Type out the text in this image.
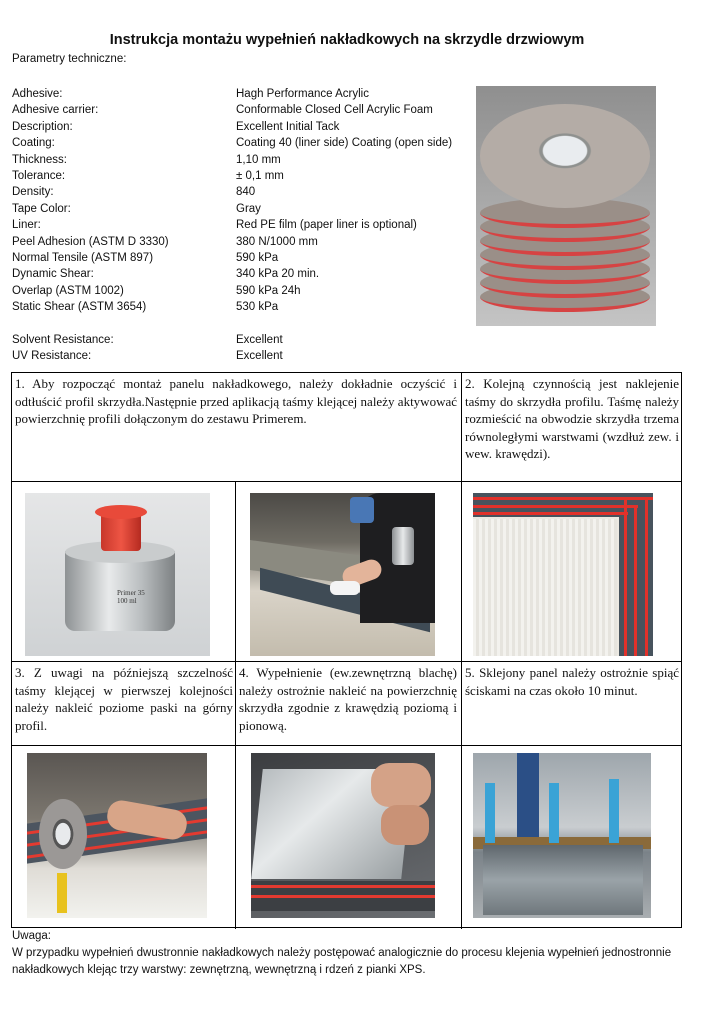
Instrukcja montażu wypełnień nakładkowych na skrzydle drzwiowym
Parametry techniczne:
Adhesive:	Hagh Performance Acrylic
Adhesive carrier:	Conformable Closed Cell Acrylic Foam
Description:	Excellent Initial Tack
Coating:	Coating 40 (liner side) Coating (open side)
Thickness:	1,10 mm
Tolerance:	± 0,1 mm
Density:	840
Tape Color:	Gray
Liner:	Red PE film (paper liner is optional)
Peel Adhesion (ASTM D 3330)	380 N/1000 mm
Normal Tensile (ASTM 897)	590 kPa
Dynamic Shear:	340 kPa 20 min.
Overlap (ASTM 1002)	590 kPa 24h
Static Shear (ASTM 3654)	530 kPa
Solvent Resistance:	Excellent
UV Resistance:	Excellent
1. Aby rozpocząć montaż panelu nakładkowego, należy dokładnie oczyścić i odtłuścić profil skrzydła.Następnie przed aplikacją taśmy klejącej należy aktywować powierzchnię profili dołączonym do zestawu Primerem.
2. Kolejną czynnością jest naklejenie taśmy do skrzydła profilu. Taśmę należy rozmieścić na obwodzie skrzydła trzema równoległymi warstwami (wzdłuż zew. i wew. krawędzi).
3. Z uwagi na późniejszą szczelność taśmy klejącej w pierwszej kolejności należy nakleić poziome paski na górny profil.
4. Wypełnienie (ew.zewnętrzną blachę) należy ostrożnie nakleić na powierzchnię skrzydła zgodnie z krawędzią poziomą i pionową.
5. Sklejony panel należy ostrożnie spiąć ściskami na czas około 10 minut.
Primer 35
100 ml
Uwaga:
W przypadku wypełnień dwustronnie nakładkowych należy postępować analogicznie do procesu klejenia wypełnień jednostronnie nakładkowych klejąc trzy warstwy: zewnętrzną, wewnętrzną i rdzeń z pianki XPS.
